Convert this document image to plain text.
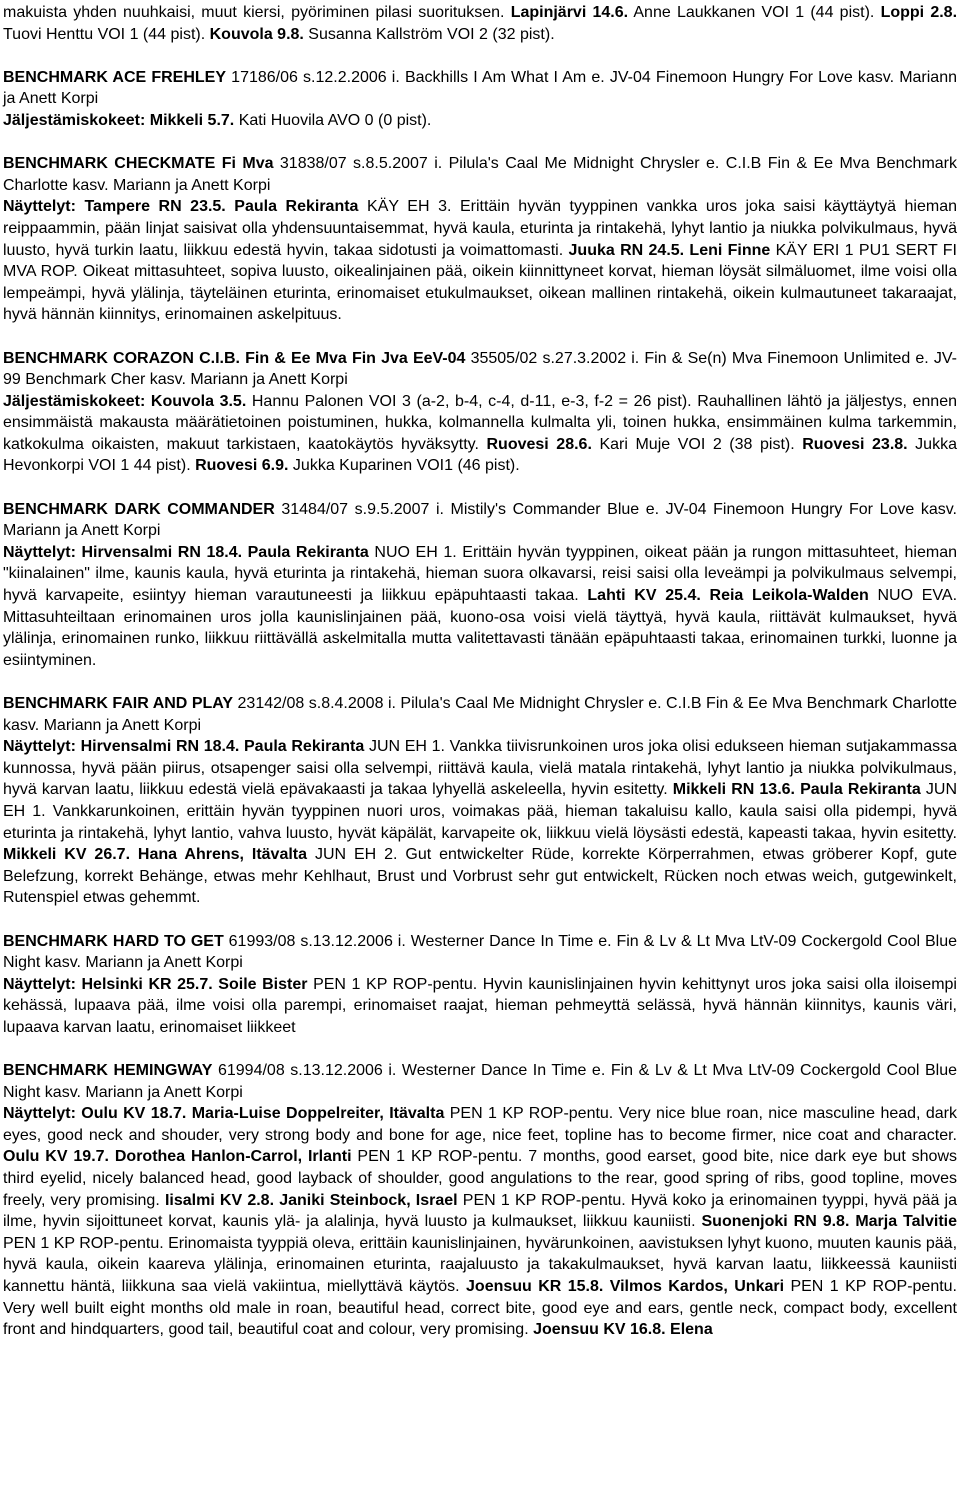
makuista yhden nuuhkaisi, muut kiersi, pyöriminen pilasi suorituksen. Lapinjärvi 14.6. Anne Laukkanen VOI 1 (44 pist). Loppi 2.8. Tuovi Henttu VOI 1 (44 pist). Kouvola 9.8. Susanna Kallström VOI 2 (32 pist).

BENCHMARK ACE FREHLEY 17186/06 s.12.2.2006 i. Backhills I Am What I Am e. JV-04 Finemoon Hungry For Love kasv. Mariann ja Anett Korpi
Jäljestämiskokeet: Mikkeli 5.7. Kati Huovila AVO 0 (0 pist).

BENCHMARK CHECKMATE Fi Mva 31838/07 s.8.5.2007 i. Pilula's Caal Me Midnight Chrysler e. C.I.B Fin & Ee Mva Benchmark Charlotte kasv. Mariann ja Anett Korpi
Näyttelyt: Tampere RN 23.5. Paula Rekiranta KÄY EH 3. Erittäin hyvän tyyppinen vankka uros joka saisi käyttäytyä hieman reippaammin, pään linjat saisivat olla yhdensuuntaisemmat, hyvä kaula, eturinta ja rintakehä, lyhyt lantio ja niukka polvikulmaus, hyvä luusto, hyvä turkin laatu, liikkuu edestä hyvin, takaa sidotusti ja voimattomasti. Juuka RN 24.5. Leni Finne KÄY ERI 1 PU1 SERT FI MVA ROP. Oikeat mittasuhteet, sopiva luusto, oikealinjainen pää, oikein kiinnittyneet korvat, hieman löysät silmäluomet, ilme voisi olla lempeämpi, hyvä ylälinja, täyteläinen eturinta, erinomaiset etukulmaukset, oikean mallinen rintakehä, oikein kulmautuneet takaraajat, hyvä hännän kiinnitys, erinomainen askelpituus.

BENCHMARK CORAZON C.I.B. Fin & Ee Mva Fin Jva EeV-04 35505/02 s.27.3.2002 i. Fin & Se(n) Mva Finemoon Unlimited e. JV-99 Benchmark Cher kasv. Mariann ja Anett Korpi
Jäljestämiskokeet: Kouvola 3.5. Hannu Palonen VOI 3 (a-2, b-4, c-4, d-11, e-3, f-2 = 26 pist). Rauhallinen lähtö ja jäljestys, ennen ensimmäistä makausta määrätietoinen poistuminen, hukka, kolmannella kulmalta yli, toinen hukka, ensimmäinen kulma tarkemmin, katkokulma oikaisten, makuut tarkistaen, kaatokäytös hyväksytty. Ruovesi 28.6. Kari Muje VOI 2 (38 pist). Ruovesi 23.8. Jukka Hevonkorpi VOI 1 44 pist). Ruovesi 6.9. Jukka Kuparinen VOI1 (46 pist).

BENCHMARK DARK COMMANDER 31484/07 s.9.5.2007 i. Mistily's Commander Blue e. JV-04 Finemoon Hungry For Love kasv. Mariann ja Anett Korpi
Näyttelyt: Hirvensalmi RN 18.4. Paula Rekiranta NUO EH 1. Erittäin hyvän tyyppinen, oikeat pään ja rungon mittasuhteet, hieman "kiinalainen" ilme, kaunis kaula, hyvä eturinta ja rintakehä, hieman suora olkavarsi, reisi saisi olla leveämpi ja polvikulmaus selvempi, hyvä karvapeite, esiintyy hieman varautuneesti ja liikkuu epäpuhtaasti takaa. Lahti KV 25.4. Reia Leikola-Walden NUO EVA. Mittasuhteiltaan erinomainen uros jolla kaunislinjainen pää, kuono-osa voisi vielä täyttyä, hyvä kaula, riittävät kulmaukset, hyvä ylälinja, erinomainen runko, liikkuu riittävällä askelmitalla mutta valitettavasti tänään epäpuhtaasti takaa, erinomainen turkki, luonne ja esiintyminen.

BENCHMARK FAIR AND PLAY 23142/08 s.8.4.2008 i. Pilula's Caal Me Midnight Chrysler e. C.I.B Fin & Ee Mva Benchmark Charlotte kasv. Mariann ja Anett Korpi
Näyttelyt: Hirvensalmi RN 18.4. Paula Rekiranta JUN EH 1. Vankka tiivisrunkoinen uros joka olisi edukseen hieman sutjakammassa kunnossa, hyvä pään piirus, otsapenger saisi olla selvempi, riittävä kaula, vielä matala rintakehä, lyhyt lantio ja niukka polvikulmaus, hyvä karvan laatu, liikkuu edestä vielä epävakaasti ja takaa lyhyellä askeleella, hyvin esitetty. Mikkeli RN 13.6. Paula Rekiranta JUN EH 1. Vankkarunkoinen, erittäin hyvän tyyppinen nuori uros, voimakas pää, hieman takaluisu kallo, kaula saisi olla pidempi, hyvä eturinta ja rintakehä, lyhyt lantio, vahva luusto, hyvät käpälät, karvapeite ok, liikkuu vielä löysästi edestä, kapeasti takaa, hyvin esitetty. Mikkeli KV 26.7. Hana Ahrens, Itävalta JUN EH 2. Gut entwickelter Rüde, korrekte Körperrahmen, etwas gröberer Kopf, gute Belefzung, korrekt Behänge, etwas mehr Kehlhaut, Brust und Vorbrust sehr gut entwickelt, Rücken noch etwas weich, gutgewinkelt, Rutenspiel etwas gehemmt.

BENCHMARK HARD TO GET 61993/08 s.13.12.2006 i. Westerner Dance In Time e. Fin & Lv & Lt Mva LtV-09 Cockergold Cool Blue Night kasv. Mariann ja Anett Korpi
Näyttelyt: Helsinki KR 25.7. Soile Bister PEN 1 KP ROP-pentu. Hyvin kaunislinjainen hyvin kehittynyt uros joka saisi olla iloisempi kehässä, lupaava pää, ilme voisi olla parempi, erinomaiset raajat, hieman pehmeyttä selässä, hyvä hännän kiinnitys, kaunis väri, lupaava karvan laatu, erinomaiset liikkeet

BENCHMARK HEMINGWAY 61994/08 s.13.12.2006 i. Westerner Dance In Time e. Fin & Lv & Lt Mva LtV-09 Cockergold Cool Blue Night kasv. Mariann ja Anett Korpi
Näyttelyt: Oulu KV 18.7. Maria-Luise Doppelreiter, Itävalta PEN 1 KP ROP-pentu. Very nice blue roan, nice masculine head, dark eyes, good neck and shouder, very strong body and bone for age, nice feet, topline has to become firmer, nice coat and character. Oulu KV 19.7. Dorothea Hanlon-Carrol, Irlanti PEN 1 KP ROP-pentu. 7 months, good earset, good bite, nice dark eye but shows third eyelid, nicely balanced head, good layback of shoulder, good angulations to the rear, good spring of ribs, good topline, moves freely, very promising. Iisalmi KV 2.8. Janiki Steinbock, Israel PEN 1 KP ROP-pentu. Hyvä koko ja erinomainen tyyppi, hyvä pää ja ilme, hyvin sijoittuneet korvat, kaunis ylä- ja alalinja, hyvä luusto ja kulmaukset, liikkuu kauniisti. Suonenjoki RN 9.8. Marja Talvitie PEN 1 KP ROP-pentu. Erinomaista tyyppiä oleva, erittäin kaunislinjainen, hyvärunkoinen, aavistuksen lyhyt kuono, muuten kaunis pää, hyvä kaula, oikein kaareva ylälinja, erinomainen eturinta, raajaluusto ja takakulmaukset, hyvä karvan laatu, liikkeessä kauniisti kannettu häntä, liikkuna saa vielä vakiintua, miellyttävä käytös. Joensuu KR 15.8. Vilmos Kardos, Unkari PEN 1 KP ROP-pentu. Very well built eight months old male in roan, beautiful head, correct bite, good eye and ears, gentle neck, compact body, excellent front and hindquarters, good tail, beautiful coat and colour, very promising. Joensuu KV 16.8. Elena
